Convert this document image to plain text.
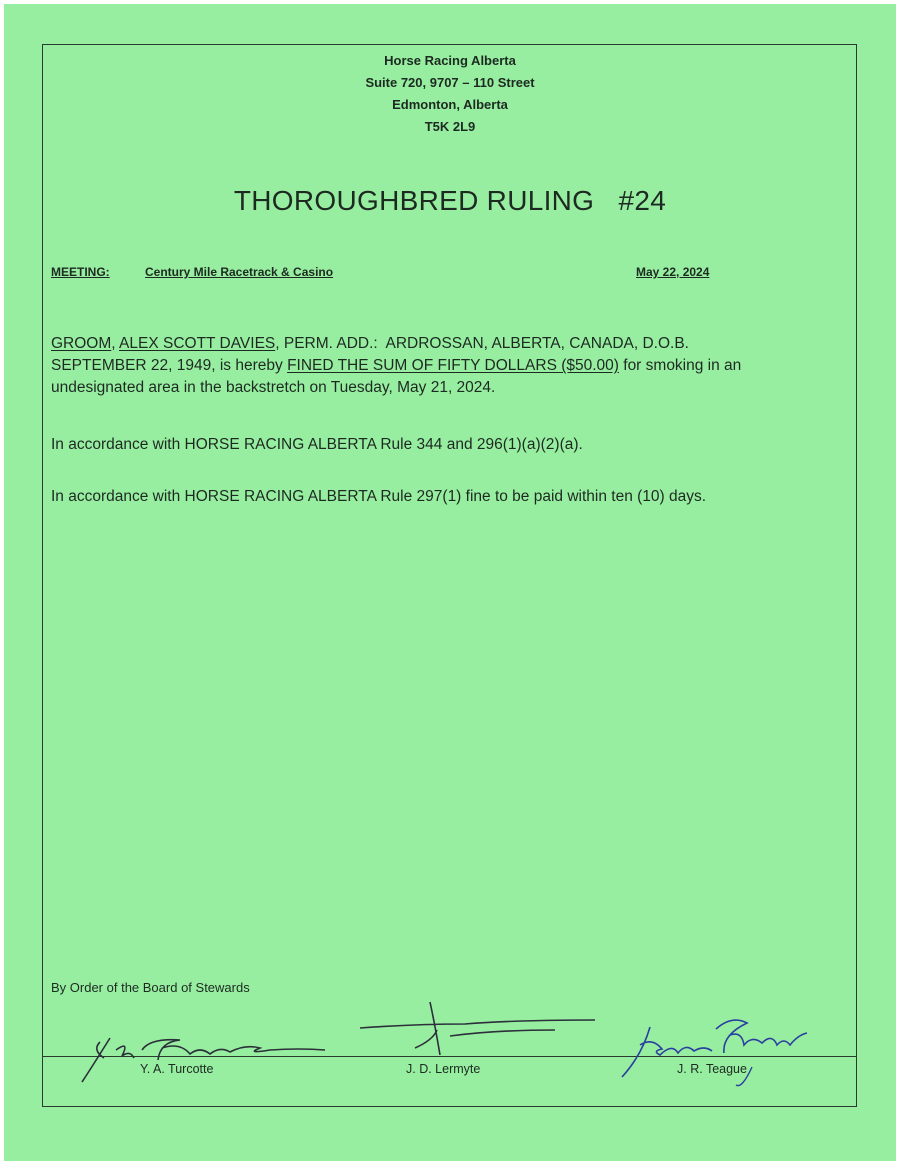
Horse Racing Alberta
Suite 720, 9707 – 110 Street
Edmonton, Alberta
T5K 2L9
THOROUGHBRED RULING   #24
MEETING:	Century Mile Racetrack & Casino	May 22, 2024
GROOM, ALEX SCOTT DAVIES, PERM. ADD.:  ARDROSSAN, ALBERTA, CANADA, D.O.B.
SEPTEMBER 22, 1949, is hereby FINED THE SUM OF FIFTY DOLLARS ($50.00) for smoking in an
undesignated area in the backstretch on Tuesday, May 21, 2024.
In accordance with HORSE RACING ALBERTA Rule 344 and 296(1)(a)(2)(a).
In accordance with HORSE RACING ALBERTA Rule 297(1) fine to be paid within ten (10) days.
By Order of the Board of Stewards
Y. A. Turcotte	J. D. Lermyte	J. R. Teague
